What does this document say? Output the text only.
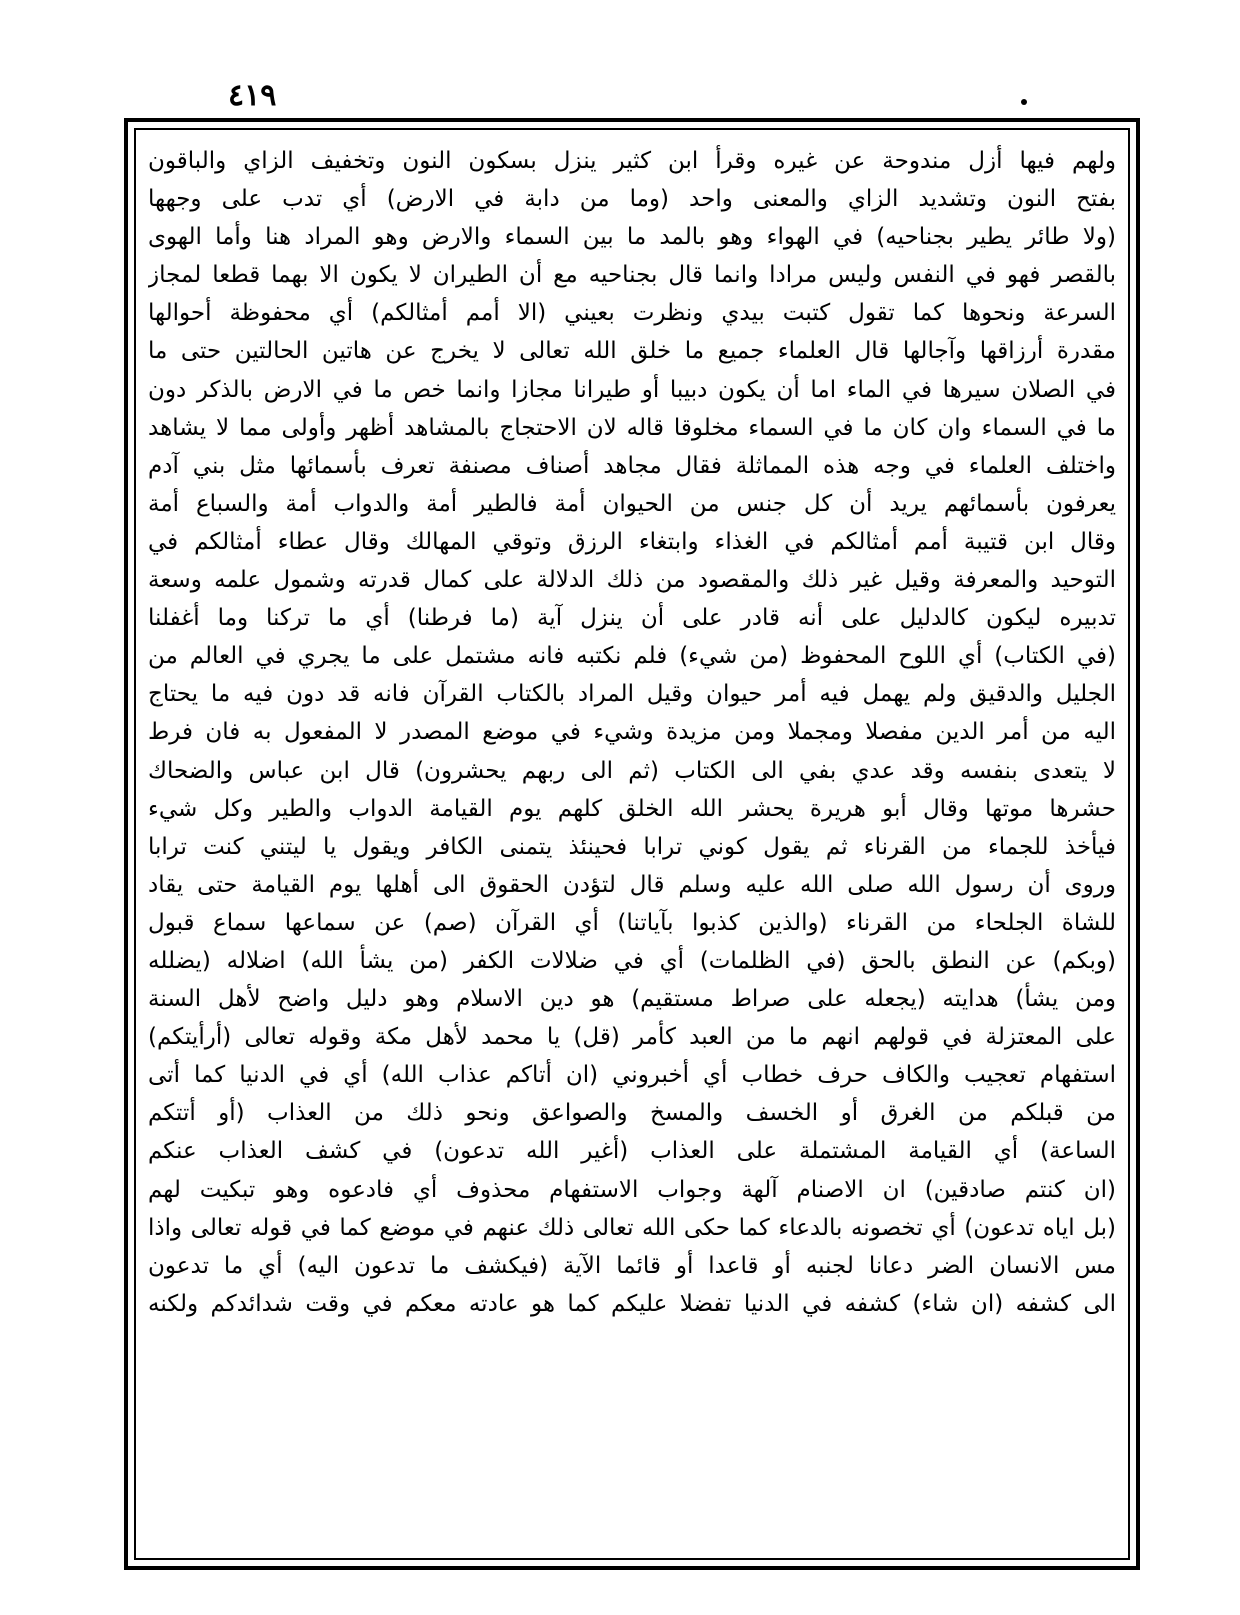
٤١٩
ولهم فيها أزل مندوحة عن غيره وقرأ ابن كثير ينزل بسكون النون وتخفيف الزاي والباقون
بفتح النون وتشديد الزاي والمعنى واحد (وما من دابة في الارض) أي تدب على وجهها
(ولا طائر يطير بجناحيه) في الهواء وهو بالمد ما بين السماء والارض وهو المراد هنا وأما الهوى
بالقصر فهو في النفس وليس مرادا وانما قال بجناحيه مع أن الطيران لا يكون الا بهما قطعا لمجاز
السرعة ونحوها كما تقول كتبت بيدي ونظرت بعيني (الا أمم أمثالكم) أي محفوظة أحوالها
مقدرة أرزاقها وآجالها قال العلماء جميع ما خلق الله تعالى لا يخرج عن هاتين الحالتين حتى ما
في الصلان سيرها في الماء اما أن يكون دبيبا أو طيرانا مجازا وانما خص ما في الارض بالذكر دون
ما في السماء وان كان ما في السماء مخلوقا قاله لان الاحتجاج بالمشاهد أظهر وأولى مما لا يشاهد
واختلف العلماء في وجه هذه المماثلة فقال مجاهد أصناف مصنفة تعرف بأسمائها مثل بني آدم
يعرفون بأسمائهم يريد أن كل جنس من الحيوان أمة فالطير أمة والدواب أمة والسباع أمة
وقال ابن قتيبة أمم أمثالكم في الغذاء وابتغاء الرزق وتوقي المهالك وقال عطاء أمثالكم في
التوحيد والمعرفة وقيل غير ذلك والمقصود من ذلك الدلالة على كمال قدرته وشمول علمه وسعة
تدبيره ليكون كالدليل على أنه قادر على أن ينزل آية (ما فرطنا) أي ما تركنا وما أغفلنا
(في الكتاب) أي اللوح المحفوظ (من شيء) فلم نكتبه فانه مشتمل على ما يجري في العالم من
الجليل والدقيق ولم يهمل فيه أمر حيوان وقيل المراد بالكتاب القرآن فانه قد دون فيه ما يحتاج
اليه من أمر الدين مفصلا ومجملا ومن مزيدة وشيء في موضع المصدر لا المفعول به فان فرط
لا يتعدى بنفسه وقد عدي بفي الى الكتاب (ثم الى ربهم يحشرون) قال ابن عباس والضحاك
حشرها موتها وقال أبو هريرة يحشر الله الخلق كلهم يوم القيامة الدواب والطير وكل شيء
فيأخذ للجماء من القرناء ثم يقول كوني ترابا فحينئذ يتمنى الكافر ويقول يا ليتني كنت ترابا
وروى أن رسول الله صلى الله عليه وسلم قال لتؤدن الحقوق الى أهلها يوم القيامة حتى يقاد
للشاة الجلحاء من القرناء (والذين كذبوا بآياتنا) أي القرآن (صم) عن سماعها سماع قبول
(وبكم) عن النطق بالحق (في الظلمات) أي في ضلالات الكفر (من يشأ الله) اضلاله (يضلله
ومن يشأ) هدايته (يجعله على صراط مستقيم) هو دين الاسلام وهو دليل واضح لأهل السنة
على المعتزلة في قولهم انهم ما من العبد كأمر (قل) يا محمد لأهل مكة وقوله تعالى (أرأيتكم)
استفهام تعجيب والكاف حرف خطاب أي أخبروني (ان أتاكم عذاب الله) أي في الدنيا كما أتى
من قبلكم من الغرق أو الخسف والمسخ والصواعق ونحو ذلك من العذاب (أو أتتكم
الساعة) أي القيامة المشتملة على العذاب (أغير الله تدعون) في كشف العذاب عنكم
(ان كنتم صادقين) ان الاصنام آلهة وجواب الاستفهام محذوف أي فادعوه وهو تبكيت لهم
(بل اياه تدعون) أي تخصونه بالدعاء كما حكى الله تعالى ذلك عنهم في موضع كما في قوله تعالى واذا
مس الانسان الضر دعانا لجنبه أو قاعدا أو قائما الآية (فيكشف ما تدعون اليه) أي ما تدعون
الى كشفه (ان شاء) كشفه في الدنيا تفضلا عليكم كما هو عادته معكم في وقت شدائدكم ولكنه
